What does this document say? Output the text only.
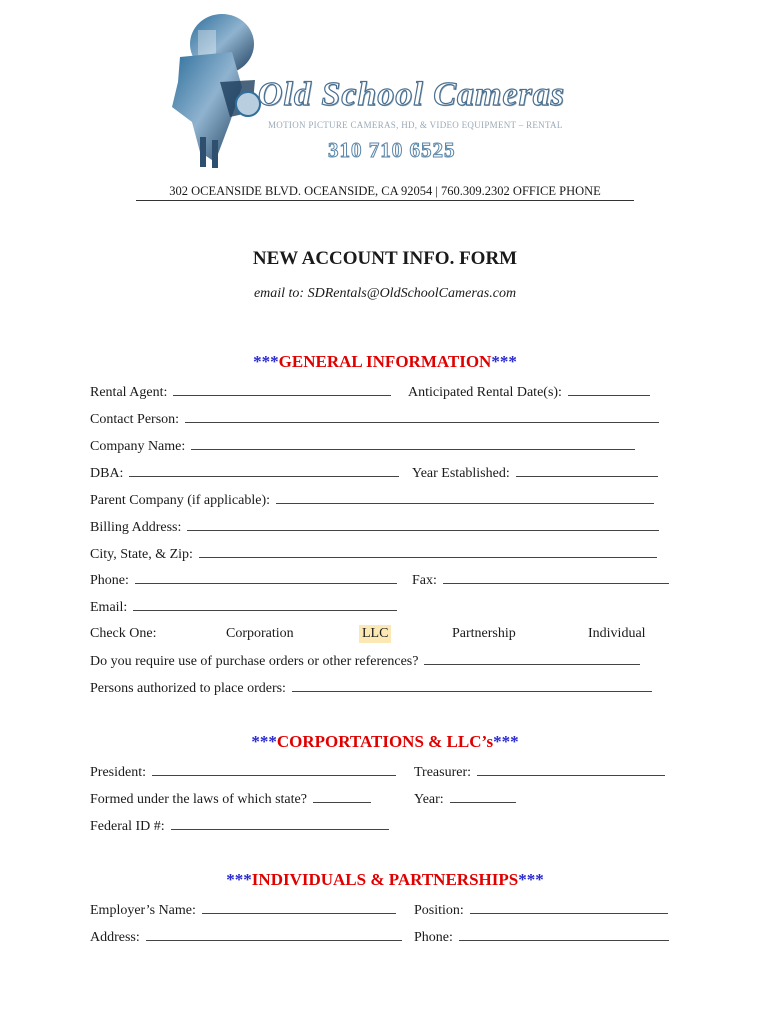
Old School Cameras
MOTION PICTURE CAMERAS, HD, & VIDEO EQUIPMENT – RENTAL
310 710 6525
302 OCEANSIDE BLVD. OCEANSIDE, CA 92054 | 760.309.2302 OFFICE PHONE
NEW ACCOUNT INFO. FORM
email to: SDRentals@OldSchoolCameras.com
***GENERAL INFORMATION***
Rental Agent:	Anticipated Rental Date(s):
Contact Person:
Company Name:
DBA:	Year Established:
Parent Company (if applicable):
Billing Address:
City, State, & Zip:
Phone:	Fax:
Email:
Check One:	Corporation	LLC	Partnership	Individual
Do you require use of purchase orders or other references?
Persons authorized to place orders:
***CORPORTATIONS & LLC’s***
President:	Treasurer:
Formed under the laws of which state?	Year:
Federal ID #:
***INDIVIDUALS & PARTNERSHIPS***
Employer’s Name:	Position:
Address:	Phone:
